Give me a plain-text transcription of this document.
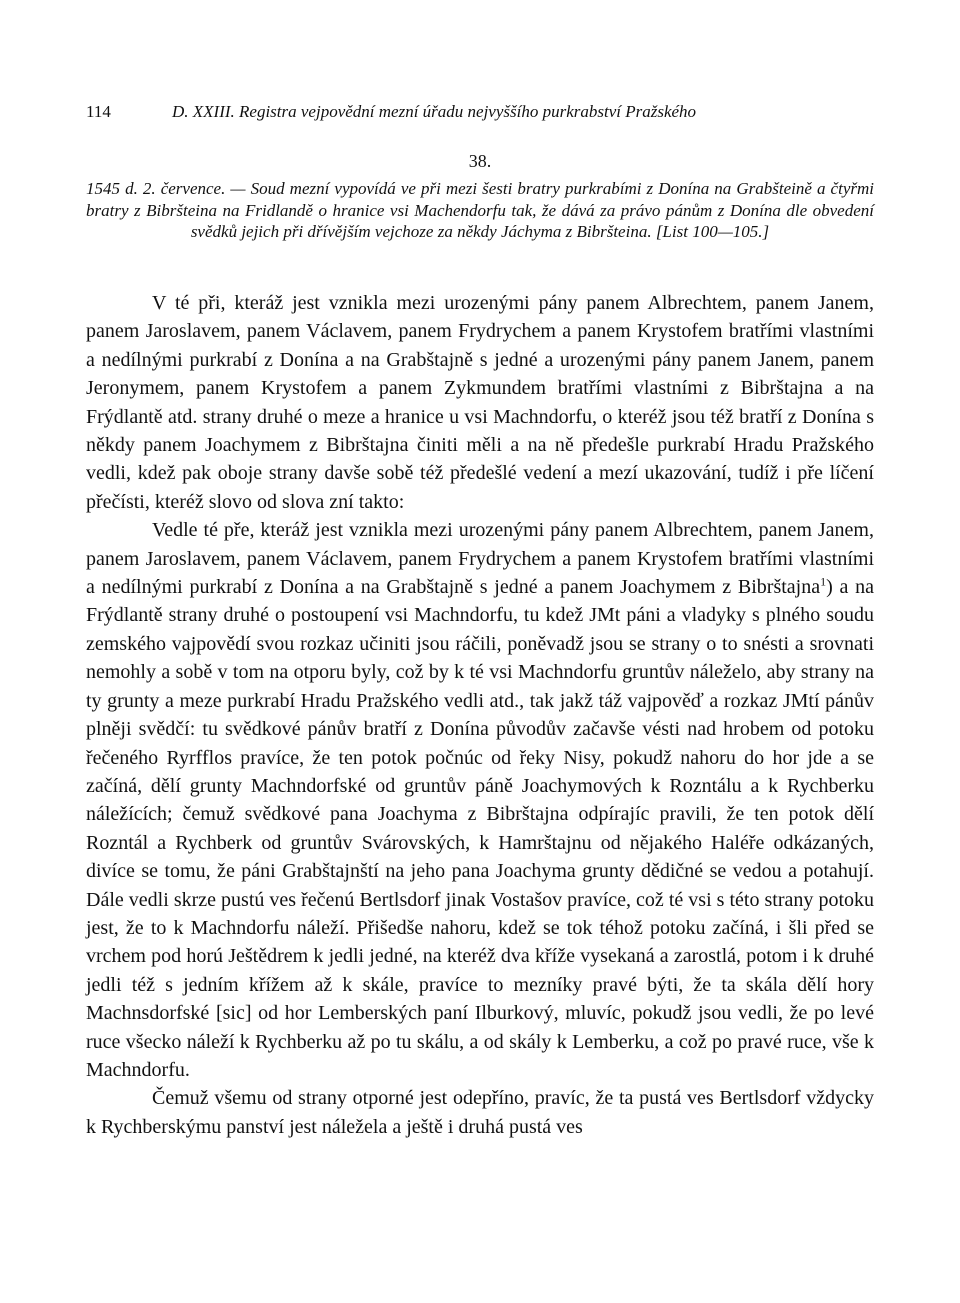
114	D. XXIII. Registra vejpovědní mezní úřadu nejvyššího purkrabství Pražského
38.
1545 d. 2. července. — Soud mezní vypovídá ve při mezi šesti bratry purkrabími z Donína na Grabšteině a čtyřmi bratry z Bibršteina na Fridlandě o hranice vsi Machendorfu tak, že dává za právo pánům z Donína dle obvedení svědků jejich při dřívějším vejchoze za někdy Jáchyma z Bibršteina. [List 100—105.]

V té při, kteráž jest vznikla mezi urozenými pány panem Albrechtem, panem Janem, panem Jaroslavem, panem Václavem, panem Frydrychem a panem Krystofem bratřími vlastními a nedílnými purkrabí z Donína a na Grabštajně s jedné a urozenými pány panem Janem, panem Jeronymem, panem Krystofem a panem Zykmundem bratřími vlastními z Bibrštajna a na Frýdlantě atd. strany druhé o meze a hranice u vsi Machndorfu, o kteréž jsou též bratří z Donína s někdy panem Joachymem z Bibrštajna činiti měli a na ně předešle purkrabí Hradu Pražského vedli, kdež pak oboje strany davše sobě též předešlé vedení a mezí ukazování, tudíž i pře líčení přečísti, kteréž slovo od slova zní takto:

Vedle té pře, kteráž jest vznikla mezi urozenými pány panem Albrechtem, panem Janem, panem Jaroslavem, panem Václavem, panem Frydrychem a panem Krystofem bratřími vlastními a nedílnými purkrabí z Donína a na Grabštajně s jedné a panem Joachymem z Bibrštajna$^1$) a na Frýdlantě strany druhé o postoupení vsi Machndorfu, tu kdež JMt páni a vladyky s plného soudu zemského vajpovědí svou rozkaz učiniti jsou ráčili, poněvadž jsou se strany o to snésti a srovnati nemohly a sobě v tom na otporu byly, což by k té vsi Machndorfu gruntův náleželo, aby strany na ty grunty a meze purkrabí Hradu Pražského vedli atd., tak jakž táž vajpověď a rozkaz JMtí pánův plněji svědčí: tu svědkové pánův bratří z Donína původův začavše vésti nad hrobem od potoku řečeného Ryrfflos pravíce, že ten potok počnúc od řeky Nisy, pokudž nahoru do hor jde a se začíná, dělí grunty Machndorfské od gruntův páně Joachymových k Rozntálu a k Rychberku náležících; čemuž svědkové pana Joachyma z Bibrštajna odpírajíc pravili, že ten potok dělí Rozntál a Rychberk od gruntův Svárovských, k Hamrštajnu od nějakého Haléře odkázaných, divíce se tomu, že páni Grabštajnští na jeho pana Joachyma grunty dědičné se vedou a potahují. Dále vedli skrze pustú ves řečenú Bertlsdorf jinak Vostašov pravíce, což té vsi s této strany potoku jest, že to k Machndorfu náleží. Přišedše nahoru, kdež se tok téhož potoku začíná, i šli před se vrchem pod horú Ještědrem k jedli jedné, na kteréž dva kříže vysekaná a zarostlá, potom i k druhé jedli též s jedním křížem až k skále, pravíce to mezníky pravé býti, že ta skála dělí hory Machnsdorfské [sic] od hor Lemberských paní Ilburkový, mluvíc, pokudž jsou vedli, že po levé ruce všecko náleží k Rychberku až po tu skálu, a od skály k Lemberku, a což po pravé ruce, vše k Machndorfu.

Čemuž všemu od strany otporné jest odepříno, pravíc, že ta pustá ves Bertlsdorf vždycky k Rychberskýmu panství jest náležela a ještě i druhá pustá ves
